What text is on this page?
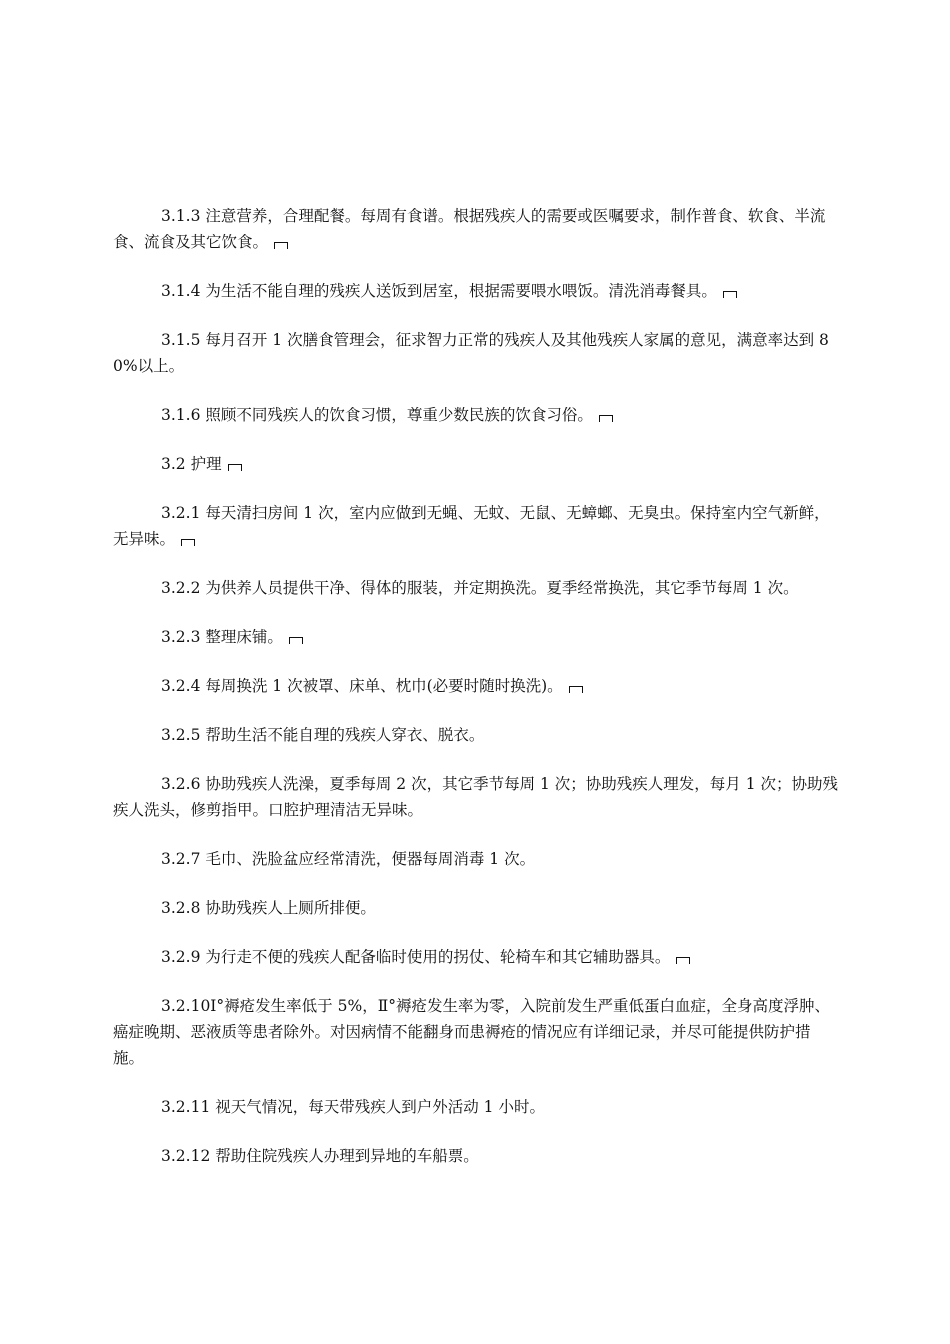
3.1.3 注意营养，合理配餐。每周有食谱。根据残疾人的需要或医嘱要求，制作普食、软食、半流食、流食及其它饮食。

3.1.4 为生活不能自理的残疾人送饭到居室，根据需要喂水喂饭。清洗消毒餐具。

3.1.5 每月召开 1 次膳食管理会，征求智力正常的残疾人及其他残疾人家属的意见，满意率达到 80%以上。

3.1.6 照顾不同残疾人的饮食习惯，尊重少数民族的饮食习俗。

3.2 护理

3.2.1 每天清扫房间 1 次，室内应做到无蝇、无蚊、无鼠、无蟑螂、无臭虫。保持室内空气新鲜，无异味。

3.2.2 为供养人员提供干净、得体的服装，并定期换洗。夏季经常换洗，其它季节每周 1 次。

3.2.3 整理床铺。

3.2.4 每周换洗 1 次被罩、床单、枕巾(必要时随时换洗)。

3.2.5 帮助生活不能自理的残疾人穿衣、脱衣。

3.2.6 协助残疾人洗澡，夏季每周 2 次，其它季节每周 1 次；协助残疾人理发，每月 1 次；协助残疾人洗头，修剪指甲。口腔护理清洁无异味。

3.2.7 毛巾、洗脸盆应经常清洗，便器每周消毒 1 次。

3.2.8 协助残疾人上厕所排便。

3.2.9 为行走不便的残疾人配备临时使用的拐仗、轮椅车和其它辅助器具。

3.2.10Ⅰ°褥疮发生率低于 5%，Ⅱ°褥疮发生率为零，入院前发生严重低蛋白血症，全身高度浮肿、癌症晚期、恶液质等患者除外。对因病情不能翻身而患褥疮的情况应有详细记录，并尽可能提供防护措施。

3.2.11 视天气情况，每天带残疾人到户外活动 1 小时。

3.2.12 帮助住院残疾人办理到异地的车船票。
